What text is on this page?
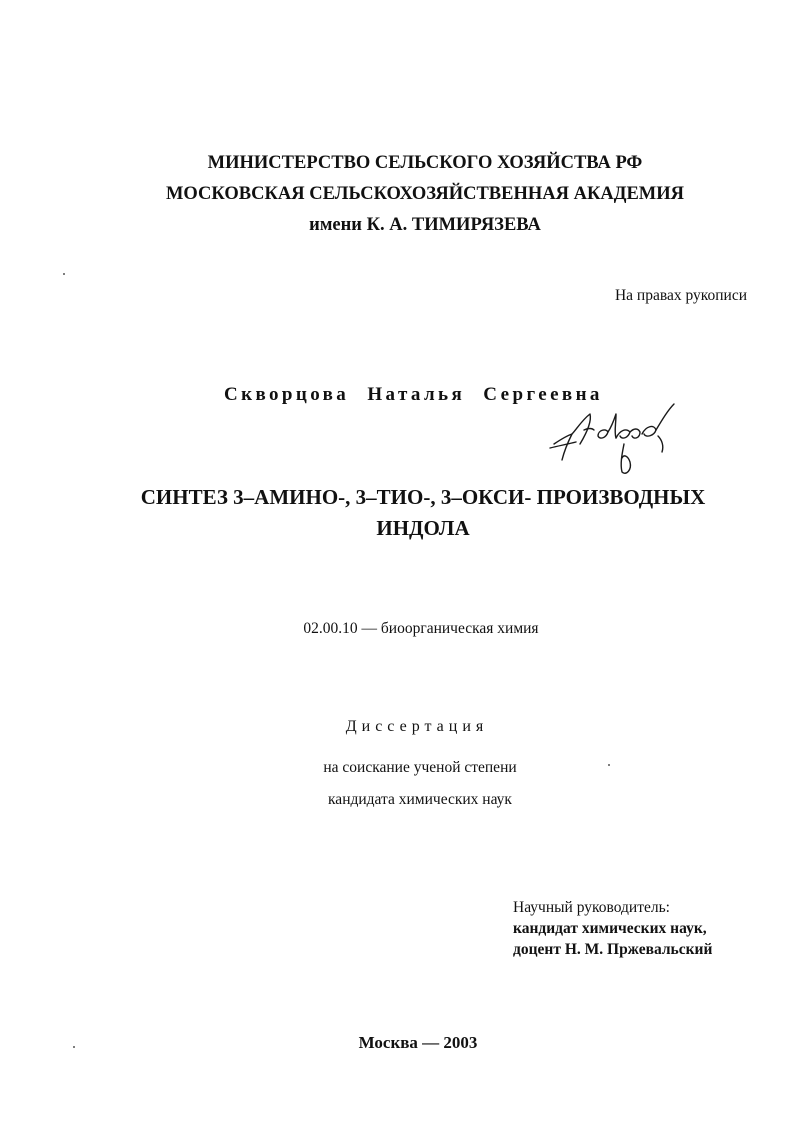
МИНИСТЕРСТВО СЕЛЬСКОГО ХОЗЯЙСТВА РФ
МОСКОВСКАЯ СЕЛЬСКОХОЗЯЙСТВЕННАЯ АКАДЕМИЯ
имени К. А. ТИМИРЯЗЕВА
На правах рукописи
Скворцова Наталья Сергеевна
СИНТЕЗ 3–АМИНО-, 3–ТИО-, 3–ОКСИ- ПРОИЗВОДНЫХ
ИНДОЛА
02.00.10 — биоорганическая химия
Диссертация
на соискание ученой степени
кандидата химических наук
Научный руководитель:
кандидат химических наук,
доцент Н. М. Пржевальский
Москва — 2003
